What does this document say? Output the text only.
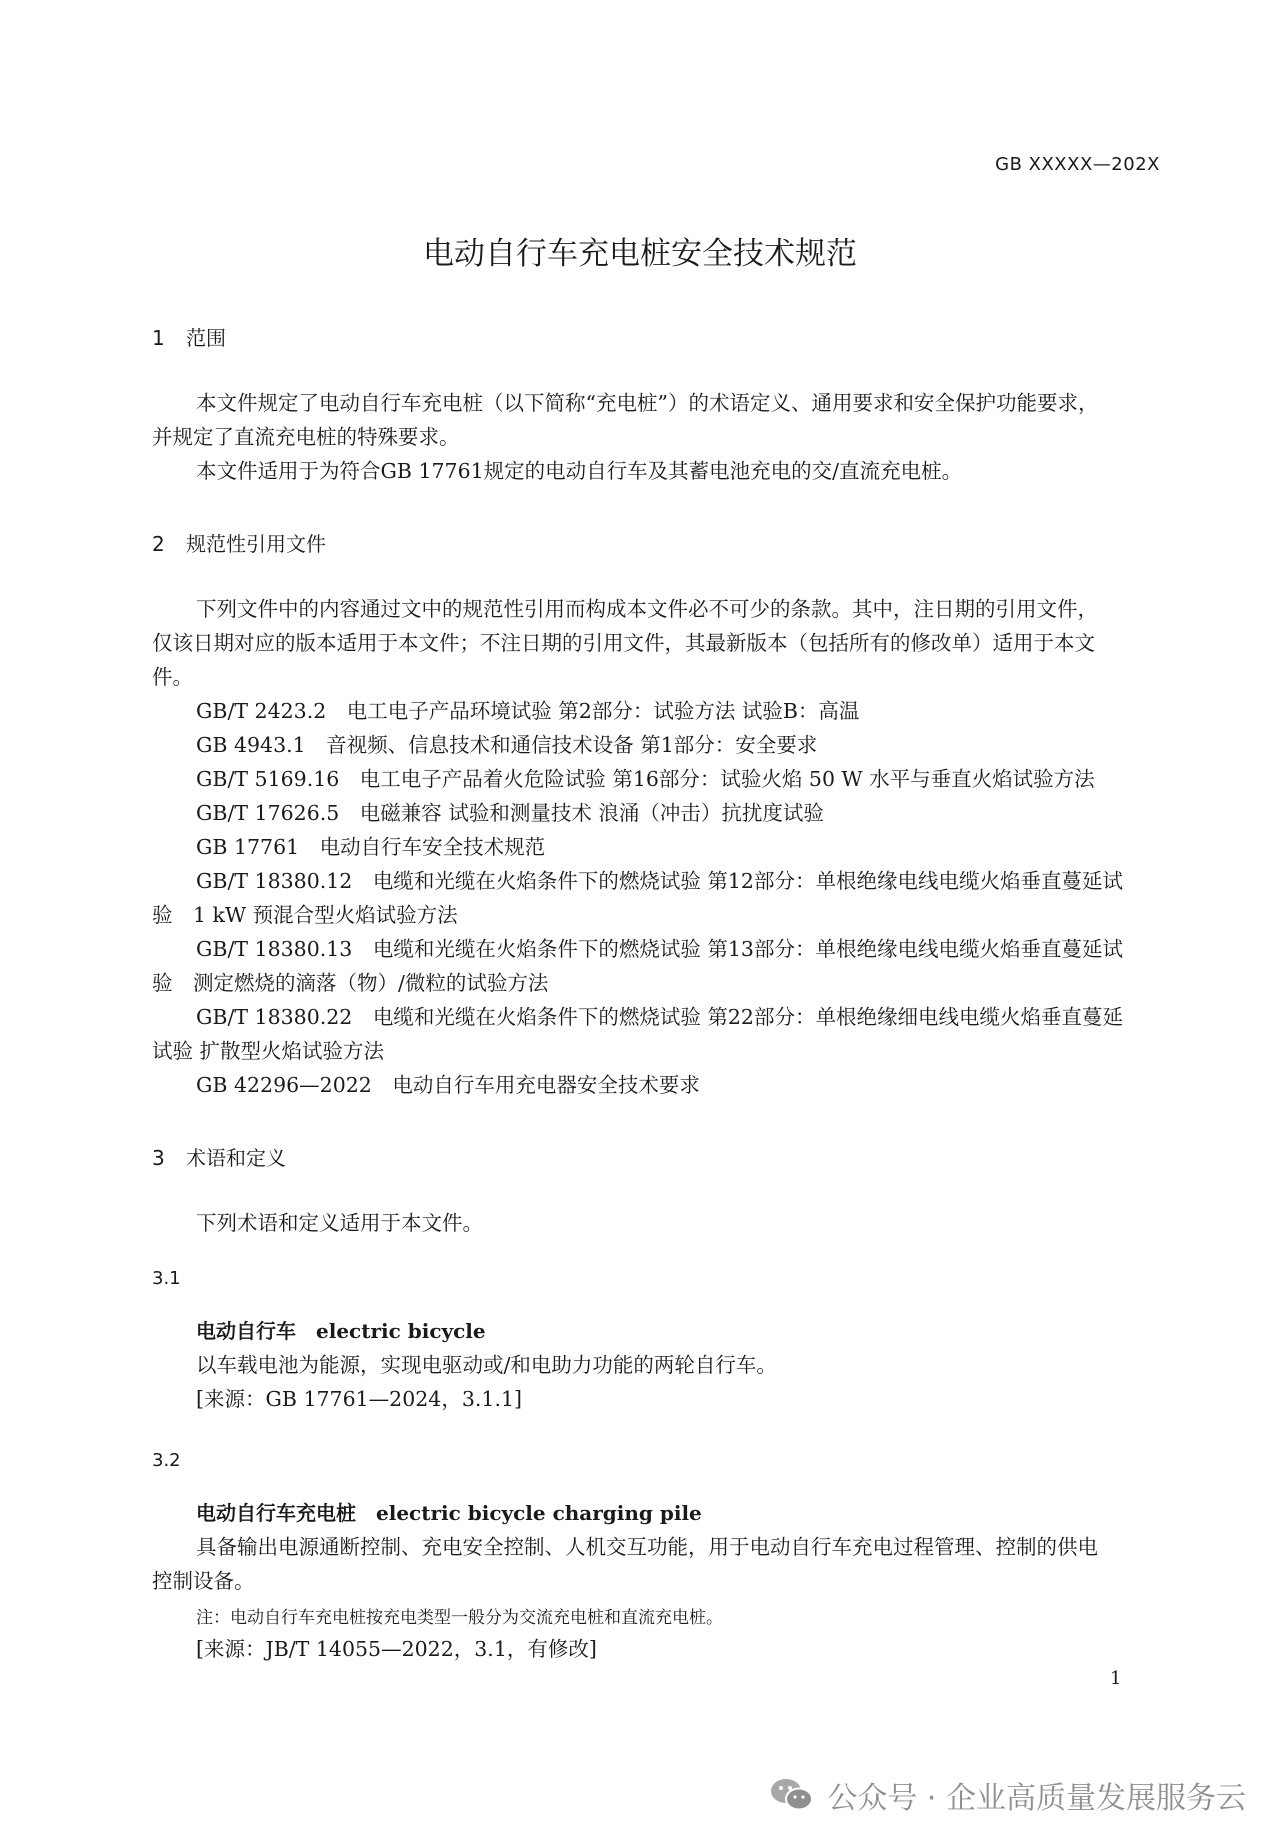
GB XXXXX—202X
电动自行车充电桩安全技术规范
1 范围
本文件规定了电动自行车充电桩（以下简称“充电桩”）的术语定义、通用要求和安全保护功能要求，
并规定了直流充电桩的特殊要求。
本文件适用于为符合GB 17761规定的电动自行车及其蓄电池充电的交/直流充电桩。
2 规范性引用文件
下列文件中的内容通过文中的规范性引用而构成本文件必不可少的条款。其中，注日期的引用文件，
仅该日期对应的版本适用于本文件；不注日期的引用文件，其最新版本（包括所有的修改单）适用于本文
件。
GB/T 2423.2　电工电子产品环境试验 第2部分：试验方法 试验B：高温
GB 4943.1　音视频、信息技术和通信技术设备 第1部分：安全要求
GB/T 5169.16　电工电子产品着火危险试验 第16部分：试验火焰 50 W 水平与垂直火焰试验方法
GB/T 17626.5　电磁兼容 试验和测量技术 浪涌（冲击）抗扰度试验
GB 17761　电动自行车安全技术规范
GB/T 18380.12　电缆和光缆在火焰条件下的燃烧试验 第12部分：单根绝缘电线电缆火焰垂直蔓延试
验　1 kW 预混合型火焰试验方法
GB/T 18380.13　电缆和光缆在火焰条件下的燃烧试验 第13部分：单根绝缘电线电缆火焰垂直蔓延试
验　测定燃烧的滴落（物）/微粒的试验方法
GB/T 18380.22　电缆和光缆在火焰条件下的燃烧试验 第22部分：单根绝缘细电线电缆火焰垂直蔓延
试验 扩散型火焰试验方法
GB 42296—2022　电动自行车用充电器安全技术要求
3 术语和定义
下列术语和定义适用于本文件。
3.1
电动自行车 electric bicycle
以车载电池为能源，实现电驱动或/和电助力功能的两轮自行车。
[来源：GB 17761—2024，3.1.1]
3.2
电动自行车充电桩 electric bicycle charging pile
具备输出电源通断控制、充电安全控制、人机交互功能，用于电动自行车充电过程管理、控制的供电
控制设备。
注：电动自行车充电桩按充电类型一般分为交流充电桩和直流充电桩。
[来源：JB/T 14055—2022，3.1，有修改]
1
公众号 · 企业高质量发展服务云
